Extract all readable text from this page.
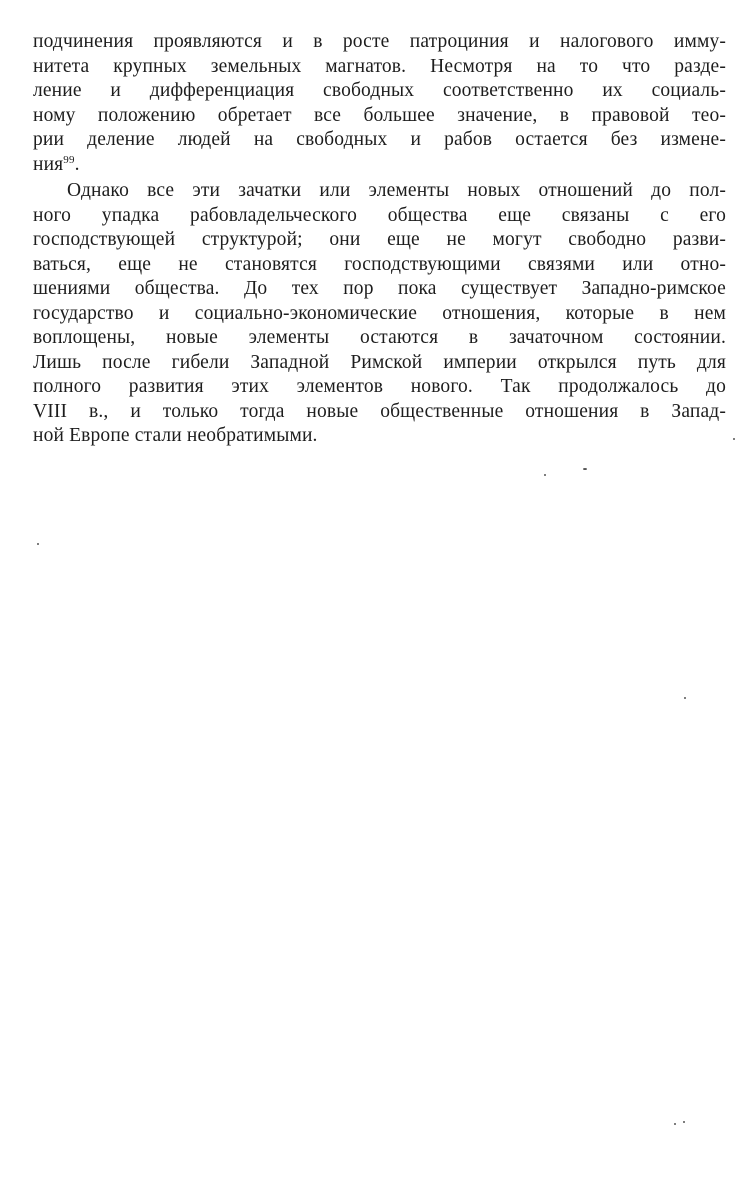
подчинения проявляются и в росте патроциния и налогового имму-
нитета крупных земельных магнатов. Несмотря на то что разде-
ление и дифференциация свободных соответственно их социаль-
ному положению обретает все большее значение, в правовой тео-
рии деление людей на свободных и рабов остается без измене-
ния$^{99}$.
Однако все эти зачатки или элементы новых отношений до пол-
ного упадка рабовладельческого общества еще связаны с его
господствующей структурой; они еще не могут свободно разви-
ваться, еще не становятся господствующими связями или отно-
шениями общества. До тех пор пока существует Западно-римское
государство и социально-экономические отношения, которые в нем
воплощены, новые элементы остаются в зачаточном состоянии.
Лишь после гибели Западной Римской империи открылся путь для
полного развития этих элементов нового. Так продолжалось до
VIII в., и только тогда новые общественные отношения в Запад-
ной Европе стали необратимыми.
